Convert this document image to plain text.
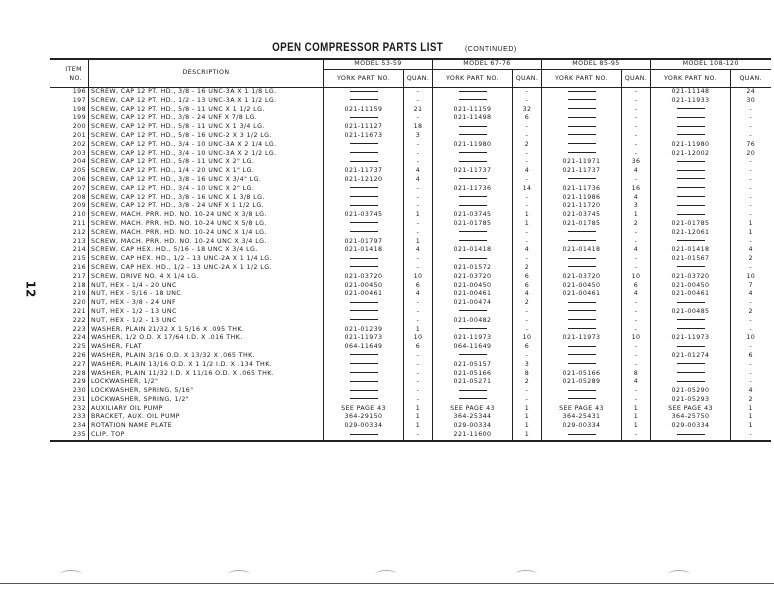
12
OPEN COMPRESSOR PARTS LIST	(CONTINUED)
ITEM NO.	DESCRIPTION	MODEL 53-59		MODEL 67-76		MODEL 85-95		MODEL 108-120	
		YORK PART NO.	QUAN.	YORK PART NO.	QUAN.	YORK PART NO.	QUAN.	YORK PART NO.	QUAN.
196	SCREW, CAP 12 PT. HD., 3/8 - 16 UNC-3A X 1 1/8 LG.		-		-		-	021-11148	24
197	SCREW, CAP 12 PT. HD., 1/2 - 13 UNC-3A X 1 1/2 LG.		-		-		-	021-11933	30
198	SCREW, CAP 12 PT. HD., 5/8 - 11 UNC X 1 1/2 LG.	021-11159	21	021-11159	32		-		-
199	SCREW, CAP 12 PT. HD., 3/8 - 24 UNF X 7/8 LG.		-	021-11498	6		-		-
200	SCREW, CAP 12 PT. HD., 5/8 - 11 UNC X 1 3/4 LG.	021-11127	18		-		-		-
201	SCREW, CAP 12 PT. HD., 5/8 - 16 UNC-2 X 3 1/2 LG.	021-11673	3		-		-		-
202	SCREW, CAP 12 PT. HD., 3/4 - 10 UNC-3A X 2 1/4 LG.		-	021-11980	2		-	021-11980	76
203	SCREW, CAP 12 PT. HD., 3/4 - 10 UNC-3A X 2 1/2 LG.		-		-		-	021-12002	20
204	SCREW, CAP 12 PT. HD., 5/8 - 11 UNC X 2" LG.		-		-	021-11971	36		-
205	SCREW, CAP 12 PT. HD., 1/4 - 20 UNC X 1" LG.	021-11737	4	021-11737	4	021-11737	4		-
206	SCREW, CAP 12 PT. HD., 3/8 - 16 UNC X 3/4" LG.	021-12120	4		-		-		-
207	SCREW, CAP 12 PT. HD., 3/4 - 10 UNC X 2" LG.		-	021-11736	14	021-11736	16		-
208	SCREW, CAP 12 PT. HD., 3/8 - 16 UNC X 1 3/8 LG.		-		-	021-11986	4		-
209	SCREW, CAP 12 PT. HD., 3/8 - 24 UNF X 1 1/2 LG.		-		-	021-11720	3		-
210	SCREW, MACH. PRR. HD. NO. 10-24 UNC X 3/8 LG.	021-03745	1	021-03745	1	021-03745	1		-
211	SCREW, MACH. PRR. HD. NO. 10-24 UNC X 5/8 LG.		-	021-01785	1	021-01785	2	021-01785	1
212	SCREW, MACH. PRR. HD. NO. 10-24 UNC X 1/4 LG.		-		-		-	021-12061	1
213	SCREW, MACH. PRR. HD. NO. 10-24 UNC X 3/4 LG.	021-01797	1		-		-		-
214	SCREW, CAP HEX. HD., 5/16 - 18 UNC X 3/4 LG.	021-01418	4	021-01418	4	021-01418	4	021-01418	4
215	SCREW, CAP HEX. HD., 1/2 - 13 UNC-2A X 1 1/4 LG.		-		-		-	021-01567	2
216	SCREW, CAP HEX. HD., 1/2 - 13 UNC-2A X 1 1/2 LG.		-	021-01572	2		-		-
217	SCREW, DRIVE NO. 4 X 1/4 LG.	021-03720	10	021-03720	6	021-03720	10	021-03720	10
218	NUT, HEX - 1/4 - 20 UNC	021-00450	6	021-00450	6	021-00450	6	021-00450	7
219	NUT, HEX - 5/16 - 18 UNC	021-00461	4	021-00461	4	021-00461	4	021-00461	4
220	NUT, HEX - 3/8 - 24 UNF		-	021-00474	2		-		-
221	NUT, HEX - 1/2 - 13 UNC		-		-		-	021-00485	2
222	NUT, HEX - 1/2 - 13 UNC		-	021-00482	-		-		-
223	WASHER, PLAIN 21/32 X 1 5/16 X .095 THK.	021-01239	1		-		-		-
224	WASHER, 1/2 O.D. X 17/64 I.D. X .016 THK.	021-11973	10	021-11973	10	021-11973	10	021-11973	10
225	WASHER, FLAT	064-11649	6	064-11649	6		-		-
226	WASHER, PLAIN 3/16 O.D. X 13/32 X .065 THK.		-		-		-	021-01274	6
227	WASHER, PLAIN 13/16 O.D. X 1 1/2 I.D. X .134 THK.		-	021-05157	3		-		-
228	WASHER, PLAIN 11/32 I.D. X 11/16 O.D. X .065 THK.		-	021-05166	8	021-05166	8		-
229	LOCKWASHER, 1/2"		-	021-05271	2	021-05289	4		-
230	LOCKWASHER, SPRING, 5/16"		-		-		-	021-05290	4
231	LOCKWASHER, SPRING, 1/2"		-		-		-	021-05293	2
232	AUXILIARY OIL PUMP	SEE PAGE 43	1	SEE PAGE 43	1	SEE PAGE 43	1	SEE PAGE 43	1
233	BRACKET, AUX. OIL PUMP	364-29150	1	364-25344	1	364-25431	1	364-25750	1
234	ROTATION NAME PLATE	029-00334	1	029-00334	1	029-00334	1	029-00334	1
235	CLIP, TOP		-	221-11600	1		-		-
